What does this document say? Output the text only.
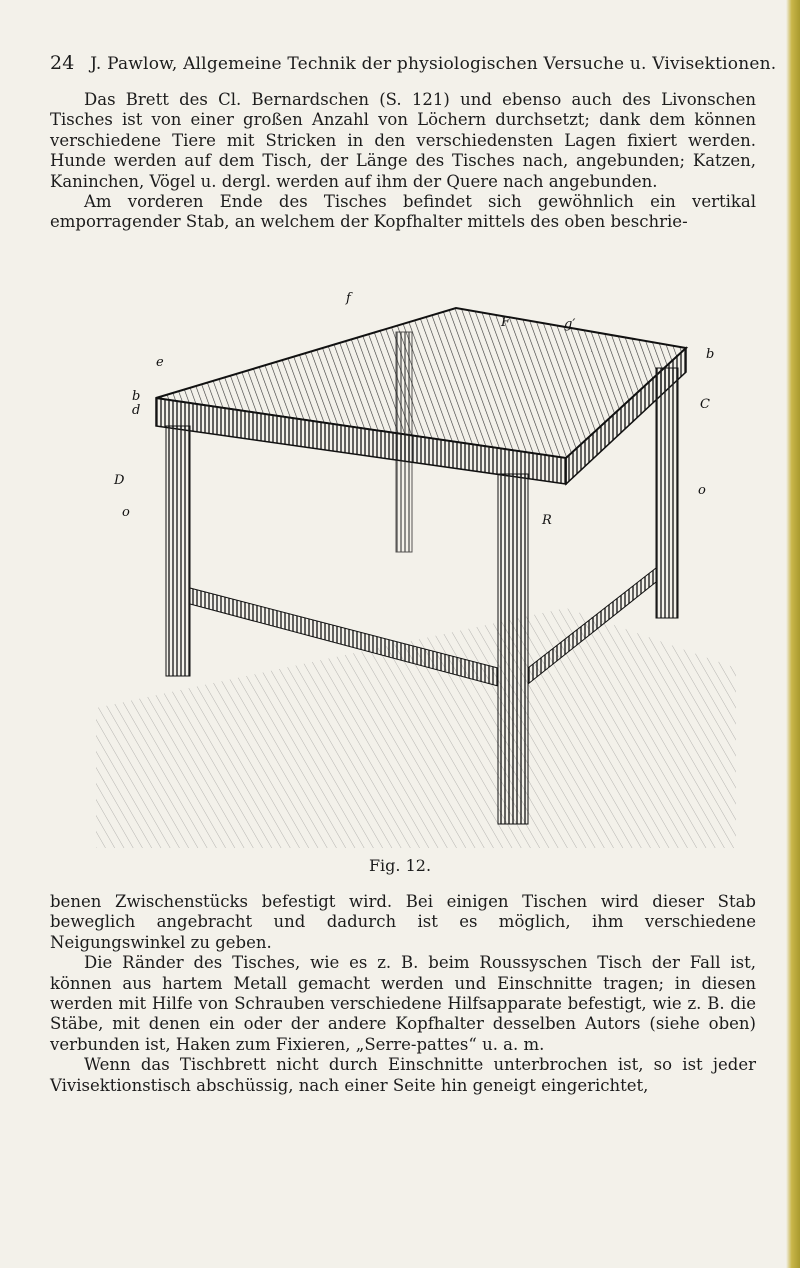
24 J. Pawlow, Allgemeine Technik der physiologischen Versuche u. Vivisektionen.

Das Brett des Cl. Bernardschen (S. 121) und ebenso auch des Livonschen Tisches ist von einer großen Anzahl von Löchern durchsetzt; dank dem können verschiedene Tiere mit Stricken in den verschiedensten Lagen fixiert werden. Hunde werden auf dem Tisch, der Länge des Tisches nach, angebunden; Katzen, Kaninchen, Vögel u. dergl. werden auf ihm der Quere nach angebunden.

Am vorderen Ende des Tisches befindet sich gewöhnlich ein vertikal emporragender Stab, an welchem der Kopfhalter mittels des oben beschrie-

f
F	g′
b
e
b
d	C
D
o
o
R
Fig. 12.

benen Zwischenstücks befestigt wird. Bei einigen Tischen wird dieser Stab beweglich angebracht und dadurch ist es möglich, ihm verschiedene Neigungswinkel zu geben.

Die Ränder des Tisches, wie es z. B. beim Roussyschen Tisch der Fall ist, können aus hartem Metall gemacht werden und Einschnitte tragen; in diesen werden mit Hilfe von Schrauben verschiedene Hilfsapparate befestigt, wie z. B. die Stäbe, mit denen ein oder der andere Kopfhalter desselben Autors (siehe oben) verbunden ist, Haken zum Fixieren, „Serre-pattes“ u. a. m.

Wenn das Tischbrett nicht durch Einschnitte unterbrochen ist, so ist jeder Vivisektionstisch abschüssig, nach einer Seite hin geneigt eingerichtet,
